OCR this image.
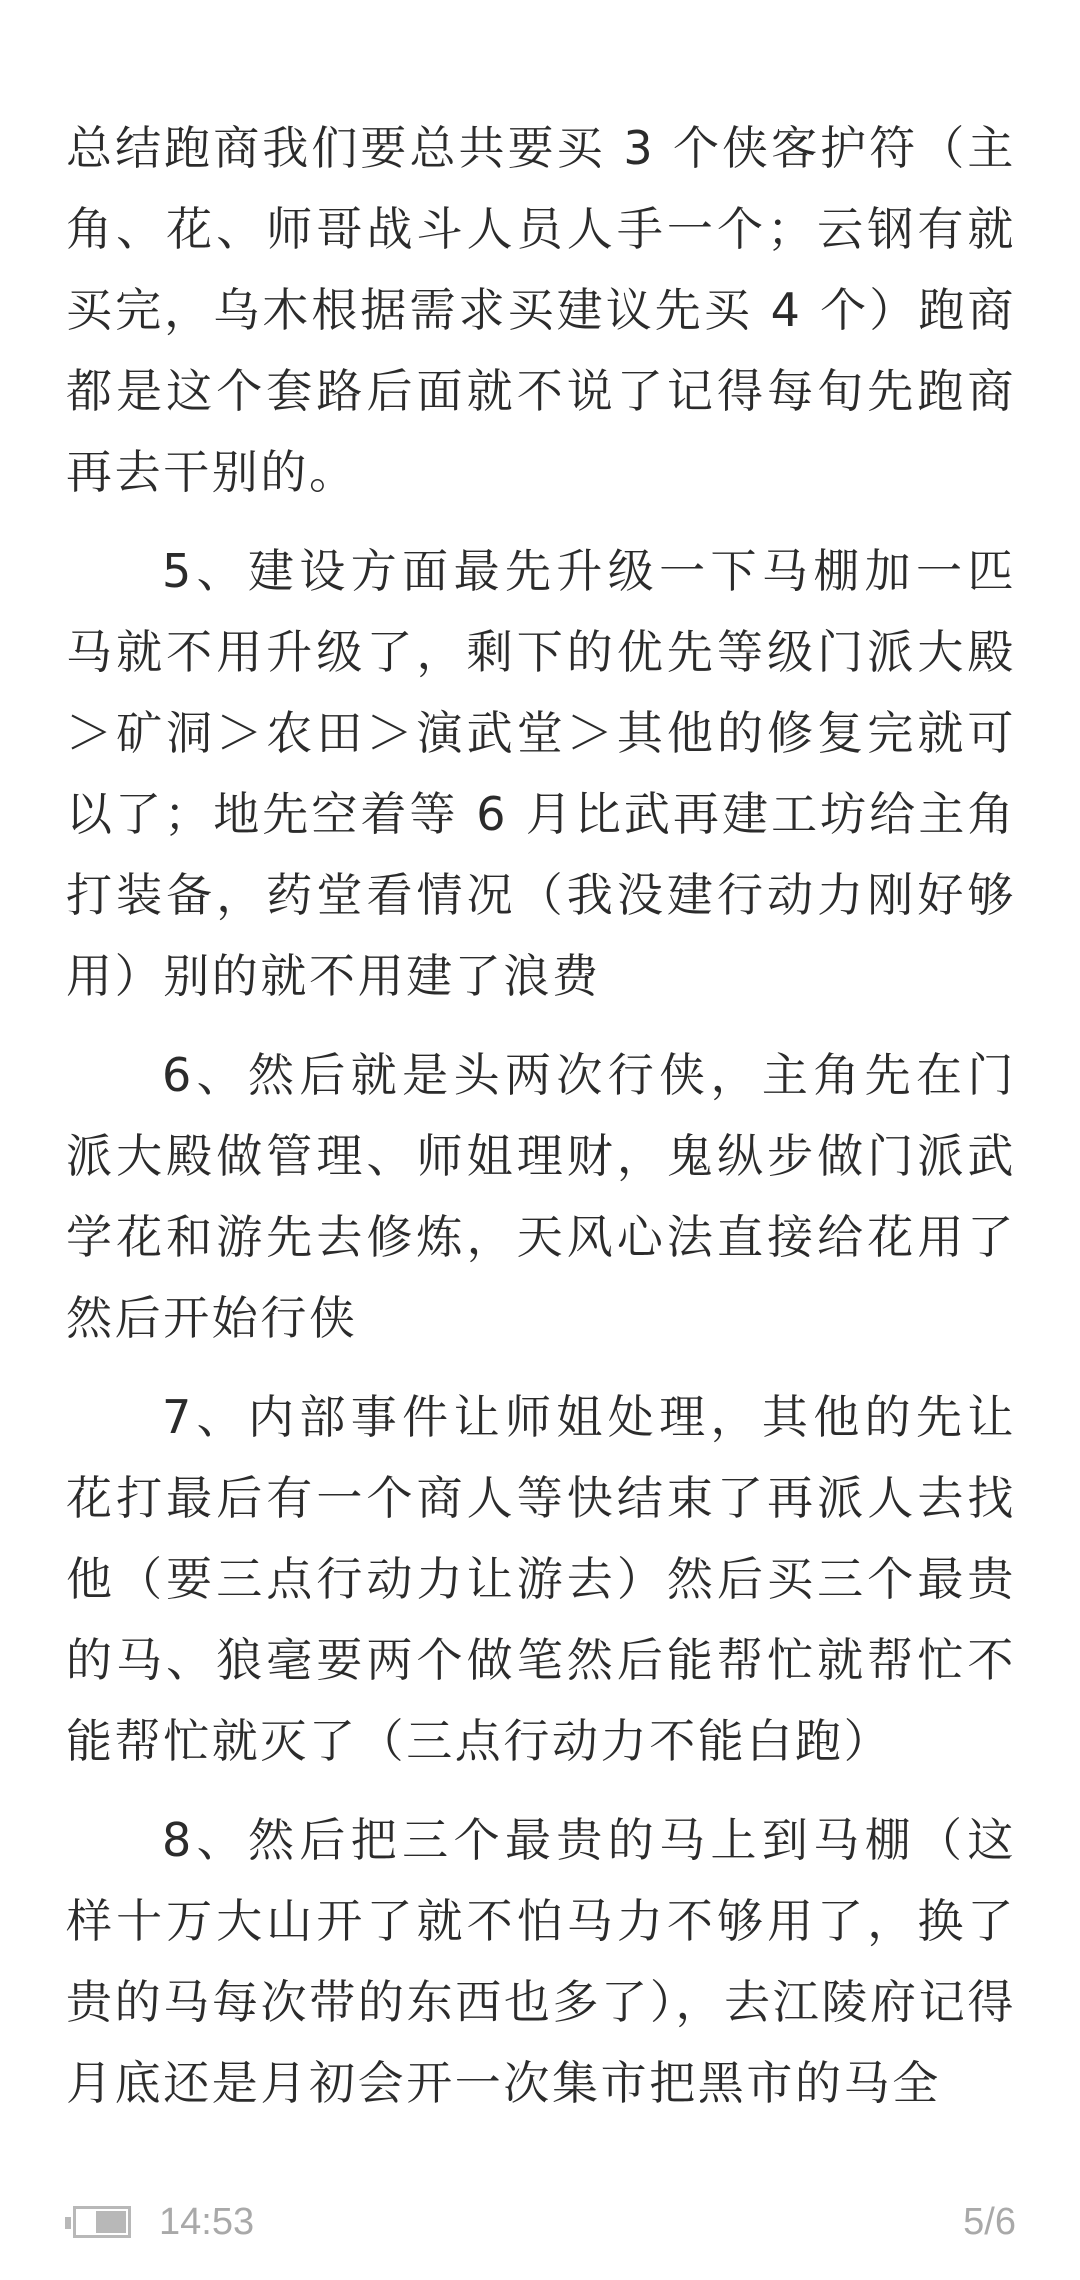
总结跑商我们要总共要买 3 个侠客护符（主角、花、师哥战斗人员人手一个；云钢有就买完，乌木根据需求买建议先买 4 个）跑商都是这个套路后面就不说了记得每旬先跑商再去干别的。

5、建设方面最先升级一下马棚加一匹马就不用升级了，剩下的优先等级门派大殿＞矿洞＞农田＞演武堂＞其他的修复完就可以了；地先空着等 6 月比武再建工坊给主角打装备，药堂看情况（我没建行动力刚好够用）别的就不用建了浪费

6、然后就是头两次行侠，主角先在门派大殿做管理、师姐理财，鬼纵步做门派武学花和游先去修炼，天风心法直接给花用了然后开始行侠

7、内部事件让师姐处理，其他的先让花打最后有一个商人等快结束了再派人去找他（要三点行动力让游去）然后买三个最贵的马、狼毫要两个做笔然后能帮忙就帮忙不能帮忙就灭了（三点行动力不能白跑）

8、然后把三个最贵的马上到马棚（这样十万大山开了就不怕马力不够用了，换了贵的马每次带的东西也多了），去江陵府记得月底还是月初会开一次集市把黑市的马全

14:53	5/6
